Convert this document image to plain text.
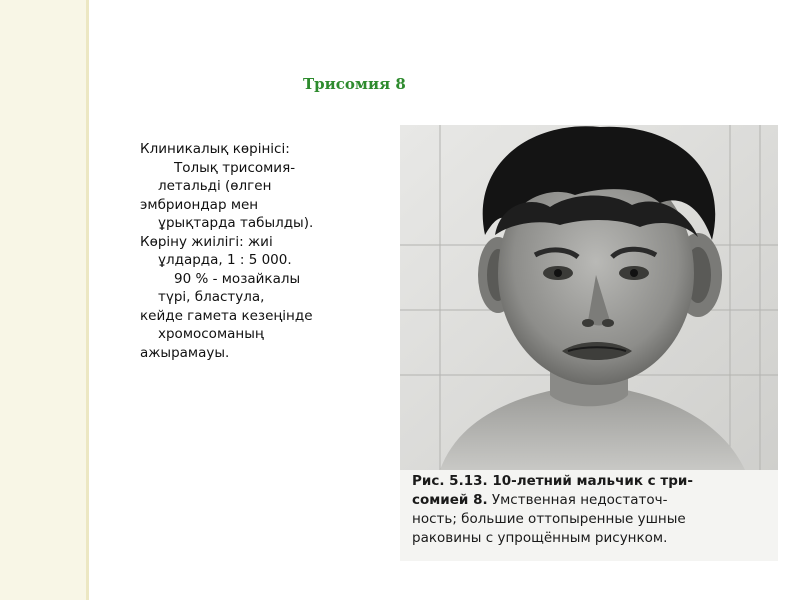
Трисомия 8
Клиникалық көрінісі:
Толық трисомия-
летальді (өлген
эмбриондар мен
ұрықтарда табылды).
Көріну жиілігі: жиі
ұлдарда, 1 : 5 000.
90 % - мозайкалы
түрі, бластула,
кейде гамета кезеңінде
хромосоманың
ажырамауы.
Рис. 5.13. 10-летний мальчик с три-
сомией 8. Умственная недостаточ-
ность; большие оттопыренные ушные
раковины с упрощённым рисунком.
